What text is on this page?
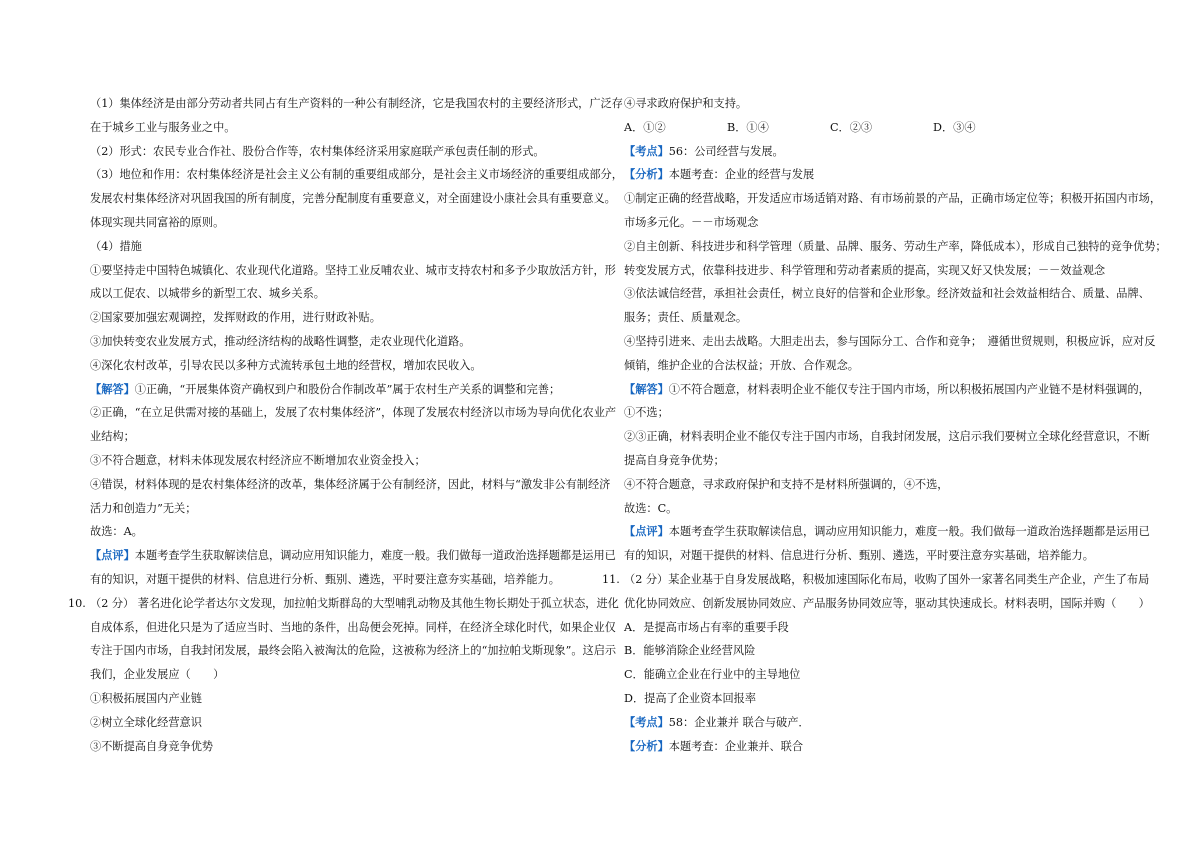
（1）集体经济是由部分劳动者共同占有生产资料的一种公有制经济，它是我国农村的主要经济形式，广泛存
在于城乡工业与服务业之中。
（2）形式：农民专业合作社、股份合作等，农村集体经济采用家庭联产承包责任制的形式。
（3）地位和作用：农村集体经济是社会主义公有制的重要组成部分，是社会主义市场经济的重要组成部分，
发展农村集体经济对巩固我国的所有制度，完善分配制度有重要意义，对全面建设小康社会具有重要意义。
体现实现共同富裕的原则。
（4）措施
①要坚持走中国特色城镇化、农业现代化道路。坚持工业反哺农业、城市支持农村和多予少取放活方针，形
成以工促农、以城带乡的新型工农、城乡关系。
②国家要加强宏观调控，发挥财政的作用，进行财政补贴。
③加快转变农业发展方式，推动经济结构的战略性调整，走农业现代化道路。
④深化农村改革，引导农民以多种方式流转承包土地的经营权，增加农民收入。
【解答】①正确，“开展集体资产确权到户和股份合作制改革”属于农村生产关系的调整和完善；
②正确，“在立足供需对接的基础上，发展了农村集体经济”，体现了发展农村经济以市场为导向优化农业产
业结构；
③不符合题意，材料未体现发展农村经济应不断增加农业资金投入；
④错误，材料体现的是农村集体经济的改革，集体经济属于公有制经济，因此，材料与“激发非公有制经济
活力和创造力”无关；
故选：A。
【点评】本题考查学生获取解读信息，调动应用知识能力，难度一般。我们做每一道政治选择题都是运用已
有的知识，对题干提供的材料、信息进行分析、甄别、遴选，平时要注意夯实基础，培养能力。
10. （2 分） 著名进化论学者达尔文发现，加拉帕戈斯群岛的大型哺乳动物及其他生物长期处于孤立状态，进化
自成体系，但进化只是为了适应当时、当地的条件，出岛便会死掉。同样，在经济全球化时代，如果企业仅
专注于国内市场，自我封闭发展，最终会陷入被淘汰的危险，这被称为经济上的“加拉帕戈斯现象”。这启示
我们，企业发展应（　　）
①积极拓展国内产业链
②树立全球化经营意识
③不断提高自身竞争优势
④寻求政府保护和支持。
A．①②	B．①④	C．②③	D．③④
【考点】56：公司经营与发展。
【分析】本题考查：企业的经营与发展
①制定正确的经营战略，开发适应市场适销对路、有市场前景的产品，正确市场定位等；积极开拓国内市场，
市场多元化。－－市场观念
②自主创新、科技进步和科学管理（质量、品牌、服务、劳动生产率，降低成本），形成自己独特的竞争优势；
转变发展方式，依靠科技进步、科学管理和劳动者素质的提高，实现又好又快发展；－－效益观念
③依法诚信经营，承担社会责任，树立良好的信誉和企业形象。经济效益和社会效益相结合、质量、品牌、
服务；责任、质量观念。
④坚持引进来、走出去战略。大胆走出去，参与国际分工、合作和竞争；　遵循世贸规则，积极应诉，应对反
倾销，维护企业的合法权益；开放、合作观念。
【解答】①不符合题意，材料表明企业不能仅专注于国内市场，所以积极拓展国内产业链不是材料强调的，
①不选；
②③正确，材料表明企业不能仅专注于国内市场，自我封闭发展，这启示我们要树立全球化经营意识，不断
提高自身竞争优势；
④不符合题意，寻求政府保护和支持不是材料所强调的，④不选，
故选：C。
【点评】本题考查学生获取解读信息，调动应用知识能力，难度一般。我们做每一道政治选择题都是运用已
有的知识，对题干提供的材料、信息进行分析、甄别、遴选，平时要注意夯实基础，培养能力。
11. （2 分）某企业基于自身发展战略，积极加速国际化布局，收购了国外一家著名同类生产企业，产生了布局
优化协同效应、创新发展协同效应、产品服务协同效应等，驱动其快速成长。材料表明，国际并购（　　）
A．是提高市场占有率的重要手段
B．能够消除企业经营风险
C．能确立企业在行业中的主导地位
D．提高了企业资本回报率
【考点】58：企业兼并 联合与破产．
【分析】本题考查：企业兼并、联合
